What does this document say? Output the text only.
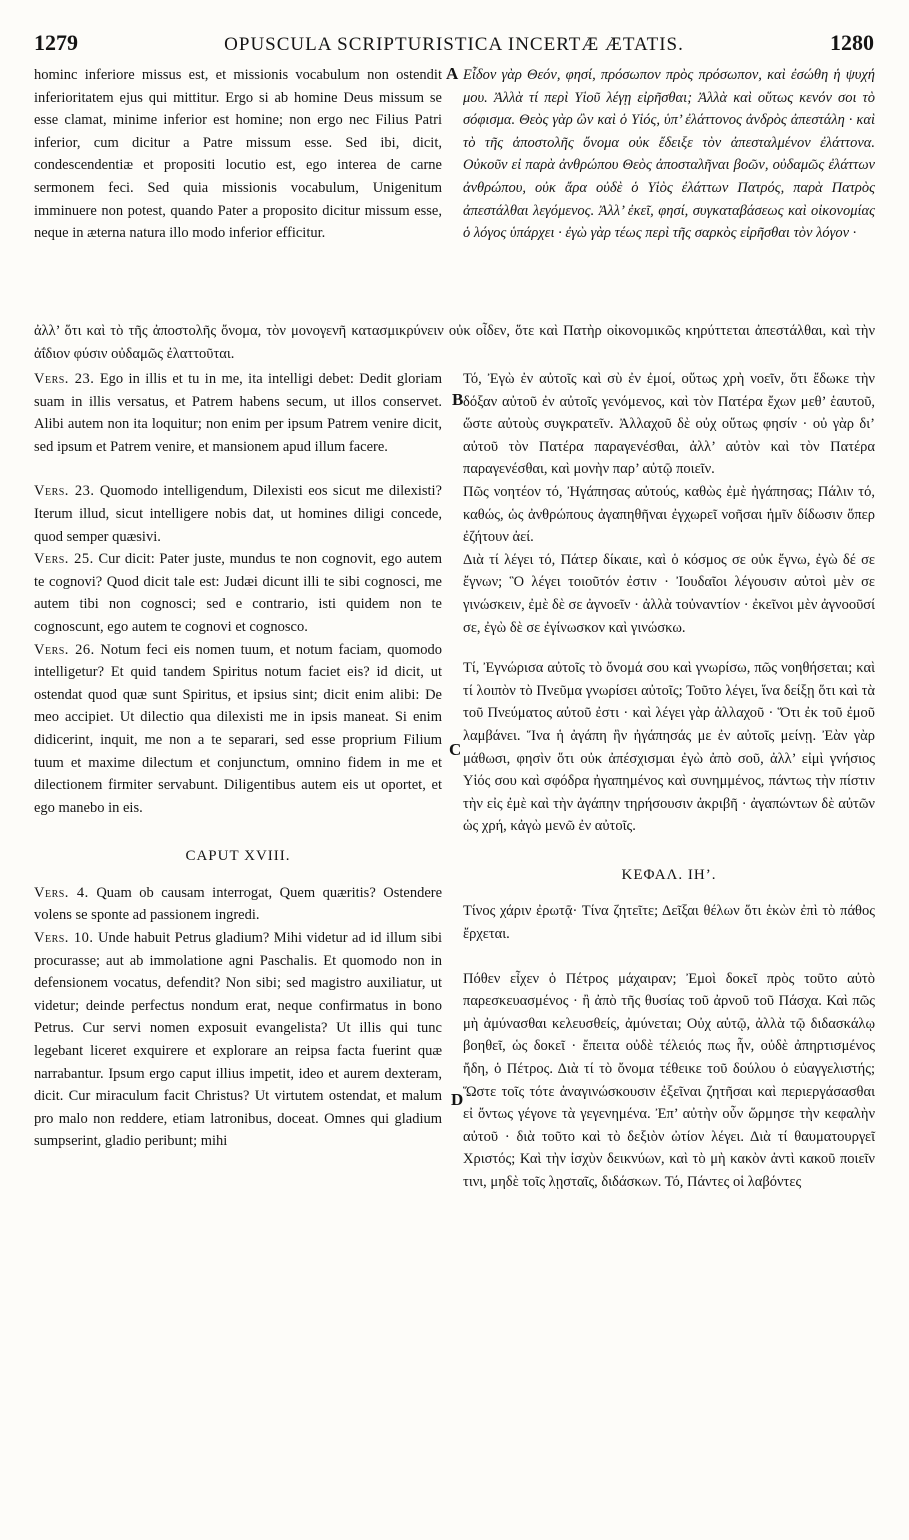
1279	OPUSCULA SCRIPTURISTICA INCERTÆ ÆTATIS.	1280
A
B
C
D

hominc inferiore missus est, et missionis vocabulum non ostendit inferioritatem ejus qui mittitur. Ergo si ab homine Deus missum se esse clamat, minime inferior est homine; non ergo nec Filius Patri inferior, cum dicitur a Patre missum esse. Sed ibi, dicit, condescendentiæ et propositi locutio est, ego interea de carne sermonem feci. Sed quia missionis vocabulum, Unigenitum imminuere non potest, quando Pater a proposito dicitur missum esse, neque in æterna natura illo modo inferior efficitur.

Εἶδον γὰρ Θεόν, φησί, πρόσωπον πρὸς πρόσωπον, καὶ ἐσώθη ἡ ψυχή μου. Ἀλλὰ τί περὶ Υἱοῦ λέγῃ εἰρῆσθαι; Ἀλλὰ καὶ οὕτως κενόν σοι τὸ σόφισμα. Θεὸς γὰρ ὢν καὶ ὁ Υἱός, ὑπ’ ἐλάττονος ἀνδρὸς ἀπεστάλη · καὶ τὸ τῆς ἀποστολῆς ὄνομα οὐκ ἔδειξε τὸν ἀπεσταλμένον ἐλάττονα. Οὐκοῦν εἰ παρὰ ἀνθρώπου Θεὸς ἀποσταλῆναι βοῶν, οὐδαμῶς ἐλάττων ἀνθρώπου, οὐκ ἄρα οὐδὲ ὁ Υἱὸς ἐλάττων Πατρός, παρὰ Πατρὸς ἀπεστάλθαι λεγόμενος. Ἀλλ’ ἐκεῖ, φησί, συγκαταβάσεως καὶ οἰκονομίας ὁ λόγος ὑπάρχει · ἐγὼ γὰρ τέως περὶ τῆς σαρκὸς εἰρῆσθαι τὸν λόγον ·

ἀλλ’ ὅτι καὶ τὸ τῆς ἀποστολῆς ὄνομα, τὸν μονογενῆ κατασμικρύνειν οὐκ οἶδεν, ὅτε καὶ Πατὴρ οἰκονομικῶς κηρύττεται ἀπεστάλθαι, καὶ τὴν ἀΐδιον φύσιν οὐδαμῶς ἐλαττοῦται.

Vers. 23. Ego in illis et tu in me, ita intelligi debet: Dedit gloriam suam in illis versatus, et Patrem habens secum, ut illos conservet. Alibi autem non ita loquitur; non enim per ipsum Patrem venire dicit, sed ipsum et Patrem venire, et mansionem apud illum facere.

Vers. 23. Quomodo intelligendum, Dilexisti eos sicut me dilexisti? Iterum illud, sicut intelligere nobis dat, ut homines diligi concede, quod semper quæsivi.

Vers. 25. Cur dicit: Pater juste, mundus te non cognovit, ego autem te cognovi? Quod dicit tale est: Judæi dicunt illi te sibi cognosci, me autem tibi non cognosci; sed e contrario, isti quidem non te cognoscunt, ego autem te cognovi et cognosco.

Vers. 26. Notum feci eis nomen tuum, et notum faciam, quomodo intelligetur? Et quid tandem Spiritus notum faciet eis? id dicit, ut ostendat quod quæ sunt Spiritus, et ipsius sint; dicit enim alibi: De meo accipiet. Ut dilectio qua dilexisti me in ipsis maneat. Si enim didicerint, inquit, me non a te separari, sed esse proprium Filium tuum et maxime dilectum et conjunctum, omnino fidem in me et dilectionem firmiter servabunt. Diligentibus autem eis ut oportet, et ego manebo in eis.

CAPUT XVIII.

Vers. 4. Quam ob causam interrogat, Quem quæritis? Ostendere volens se sponte ad passionem ingredi.

Vers. 10. Unde habuit Petrus gladium? Mihi videtur ad id illum sibi procurasse; aut ab immolatione agni Paschalis. Et quomodo non in defensionem vocatus, defendit? Non sibi; sed magistro auxiliatur, ut videtur; deinde perfectus nondum erat, neque confirmatus in bono Petrus. Cur servi nomen exposuit evangelista? Ut illis qui tunc legebant liceret exquirere et explorare an reipsa facta fuerint quæ narrabantur. Ipsum ergo caput illius impetit, ideo et aurem dexteram, dicit. Cur miraculum facit Christus? Ut virtutem ostendat, et malum pro malo non reddere, etiam latronibus, doceat. Omnes qui gladium sumpserint, gladio peribunt; mihi

Τό, Ἐγὼ ἐν αὐτοῖς καὶ σὺ ἐν ἐμοί, οὕτως χρὴ νοεῖν, ὅτι ἔδωκε τὴν δόξαν αὐτοῦ ἐν αὐτοῖς γενόμενος, καὶ τὸν Πατέρα ἔχων μεθ’ ἑαυτοῦ, ὥστε αὐτοὺς συγκρατεῖν. Ἀλλαχοῦ δὲ οὐχ οὕτως φησίν · οὐ γὰρ δι’ αὐτοῦ τὸν Πατέρα παραγενέσθαι, ἀλλ’ αὐτὸν καὶ τὸν Πατέρα παραγενέσθαι, καὶ μονὴν παρ’ αὐτῷ ποιεῖν.

Πῶς νοητέον τό, Ἠγάπησας αὐτούς, καθὼς ἐμὲ ἠγάπησας; Πάλιν τό, καθώς, ὡς ἀνθρώπους ἀγαπηθῆναι ἐγχωρεῖ νοῆσαι ἡμῖν δίδωσιν ὅπερ ἐζήτουν ἀεί.

Διὰ τί λέγει τό, Πάτερ δίκαιε, καὶ ὁ κόσμος σε οὐκ ἔγνω, ἐγὼ δέ σε ἔγνων; Ὃ λέγει τοιοῦτόν ἐστιν · Ἰουδαῖοι λέγουσιν αὐτοὶ μὲν σε γινώσκειν, ἐμὲ δὲ σε ἀγνοεῖν · ἀλλὰ τοὐναντίον · ἐκεῖνοι μὲν ἀγνοοῦσί σε, ἐγὼ δὲ σε ἐγίνωσκον καὶ γινώσκω.

Τί, Ἐγνώρισα αὐτοῖς τὸ ὄνομά σου καὶ γνωρίσω, πῶς νοηθήσεται; καὶ τί λοιπὸν τὸ Πνεῦμα γνωρίσει αὐτοῖς; Τοῦτο λέγει, ἵνα δείξῃ ὅτι καὶ τὰ τοῦ Πνεύματος αὐτοῦ ἐστι · καὶ λέγει γὰρ ἀλλαχοῦ · Ὅτι ἐκ τοῦ ἐμοῦ λαμβάνει. Ἵνα ἡ ἀγάπη ἣν ἠγάπησάς με ἐν αὐτοῖς μείνῃ. Ἐὰν γὰρ μάθωσι, φησὶν ὅτι οὐκ ἀπέσχισμαι ἐγὼ ἀπὸ σοῦ, ἀλλ’ εἰμὶ γνήσιος Υἱός σου καὶ σφόδρα ἠγαπημένος καὶ συνημμένος, πάντως τὴν πίστιν τὴν εἰς ἐμὲ καὶ τὴν ἀγάπην τηρήσουσιν ἀκριβῆ · ἀγαπώντων δὲ αὐτῶν ὡς χρή, κἀγὼ μενῶ ἐν αὐτοῖς.

ΚΕΦΑΛ. ΙΗ’.

Τίνος χάριν ἐρωτᾷ· Τίνα ζητεῖτε; Δεῖξαι θέλων ὅτι ἑκὼν ἐπὶ τὸ πάθος ἔρχεται.

Πόθεν εἶχεν ὁ Πέτρος μάχαιραν; Ἐμοὶ δοκεῖ πρὸς τοῦτο αὐτὸ παρεσκευασμένος · ἢ ἀπὸ τῆς θυσίας τοῦ ἀρνοῦ τοῦ Πάσχα. Καὶ πῶς μὴ ἀμύνασθαι κελευσθείς, ἀμύνεται; Οὐχ αὑτῷ, ἀλλὰ τῷ διδασκάλῳ βοηθεῖ, ὡς δοκεῖ · ἔπειτα οὐδὲ τέλειός πως ἦν, οὐδὲ ἀπηρτισμένος ἤδη, ὁ Πέτρος. Διὰ τί τὸ ὄνομα τέθεικε τοῦ δούλου ὁ εὐαγγελιστής; Ὥστε τοῖς τότε ἀναγινώσκουσιν ἐξεῖναι ζητῆσαι καὶ περιεργάσασθαι εἰ ὄντως γέγονε τὰ γεγενημένα. Ἐπ’ αὐτὴν οὖν ὥρμησε τὴν κεφαλὴν αὐτοῦ · διὰ τοῦτο καὶ τὸ δεξιὸν ὠτίον λέγει. Διὰ τί θαυματουργεῖ Χριστός; Καὶ τὴν ἰσχὺν δεικνύων, καὶ τὸ μὴ κακὸν ἀντὶ κακοῦ ποιεῖν τινι, μηδὲ τοῖς λῃσταῖς, διδάσκων. Τό, Πάντες οἱ λαβόντες
